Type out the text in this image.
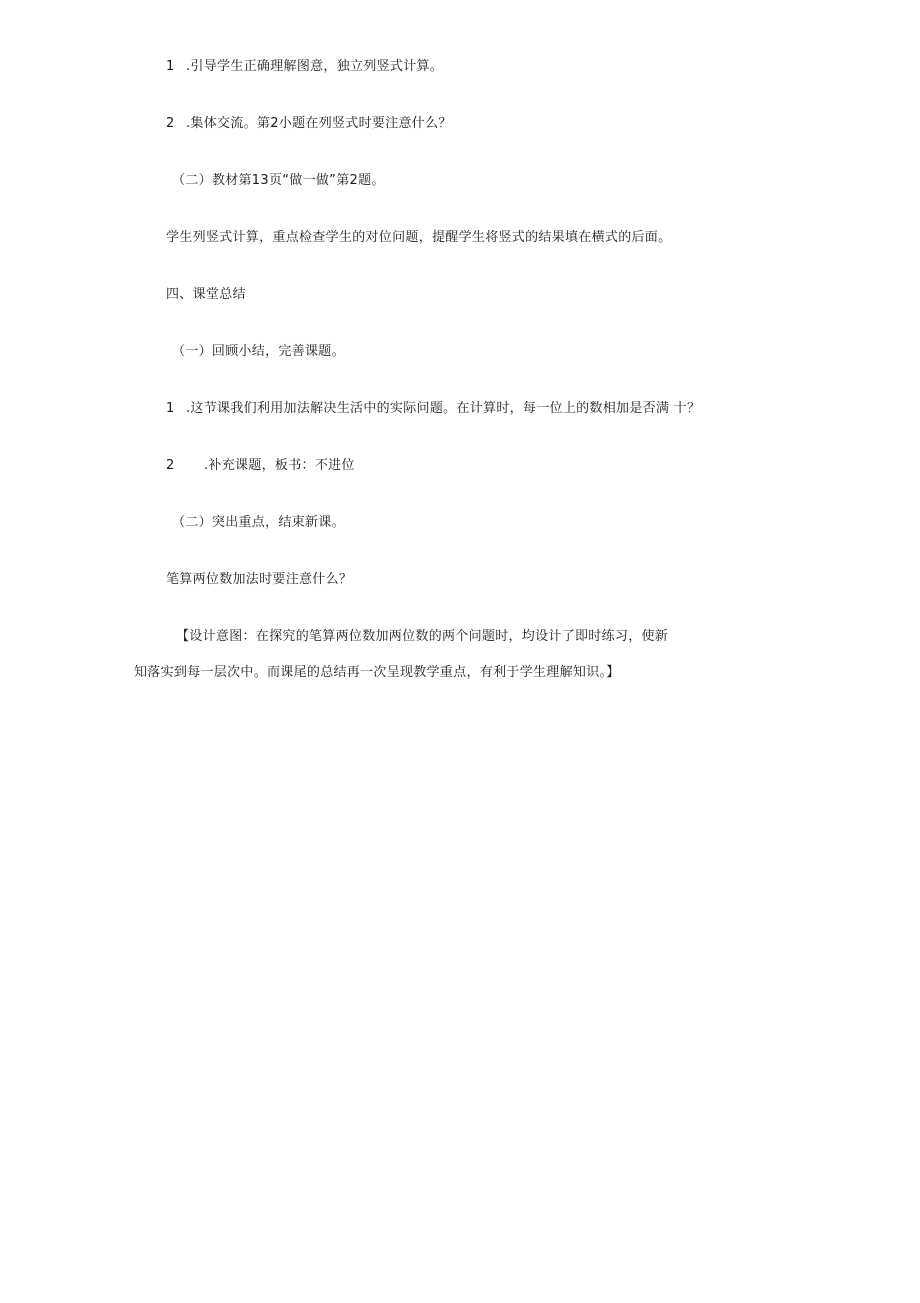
1 .引导学生正确理解图意，独立列竖式计算。
2 .集体交流。第2小题在列竖式时要注意什么？
（二）教材第13页“做一做”第2题。
学生列竖式计算，重点检查学生的对位问题，提醒学生将竖式的结果填在横式的后面。
四、课堂总结
（一）回顾小结，完善课题。
1 .这节课我们利用加法解决生活中的实际问题。在计算时，每一位上的数相加是否满 十？
2 .补充课题，板书：不进位
（二）突出重点，结束新课。
笔算两位数加法时要注意什么？
【设计意图：在探究的笔算两位数加两位数的两个问题时，均设计了即时练习，使新
知落实到每一层次中。而课尾的总结再一次呈现教学重点，有利于学生理解知识。】
